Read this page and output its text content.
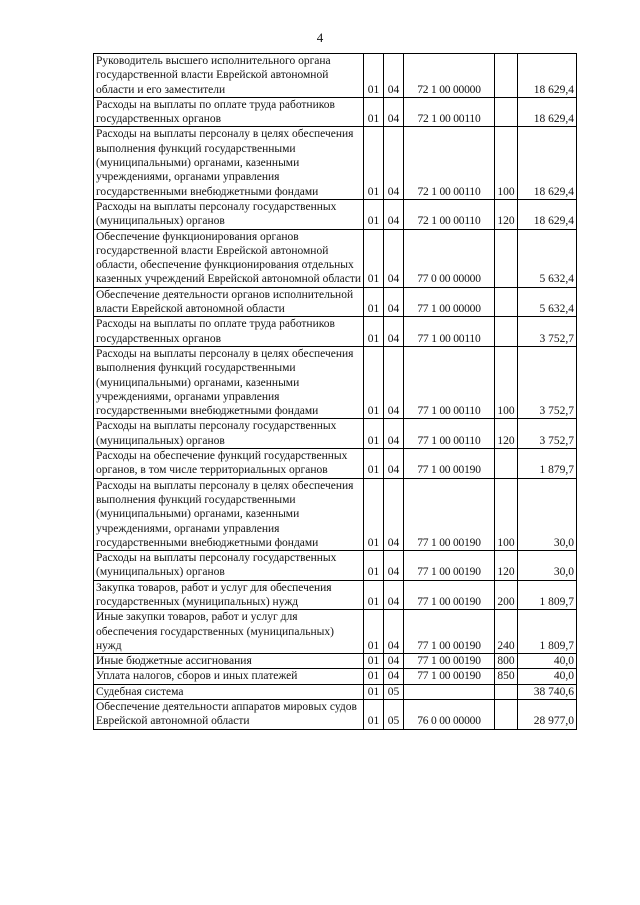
4
Руководитель высшего исполнительного органа государственной власти Еврейской автономной области и его заместители	01	04	72 1 00 00000		18 629,4
Расходы на выплаты по оплате труда работников государственных органов	01	04	72 1 00 00110		18 629,4
Расходы на выплаты персоналу в целях обеспечения выполнения функций государственными (муниципальными) органами, казенными учреждениями, органами управления государственными внебюджетными фондами	01	04	72 1 00 00110	100	18 629,4
Расходы на выплаты персоналу государственных (муниципальных) органов	01	04	72 1 00 00110	120	18 629,4
Обеспечение функционирования органов государственной власти Еврейской автономной области, обеспечение функционирования отдельных казенных учреждений Еврейской автономной области	01	04	77 0 00 00000		5 632,4
Обеспечение деятельности органов исполнительной власти Еврейской автономной области	01	04	77 1 00 00000		5 632,4
Расходы на выплаты по оплате труда работников государственных органов	01	04	77 1 00 00110		3 752,7
Расходы на выплаты персоналу в целях обеспечения выполнения функций государственными (муниципальными) органами, казенными учреждениями, органами управления государственными внебюджетными фондами	01	04	77 1 00 00110	100	3 752,7
Расходы на выплаты персоналу государственных (муниципальных) органов	01	04	77 1 00 00110	120	3 752,7
Расходы на обеспечение функций государственных органов, в том числе территориальных органов	01	04	77 1 00 00190		1 879,7
Расходы на выплаты персоналу в целях обеспечения выполнения функций государственными (муниципальными) органами, казенными учреждениями, органами управления государственными внебюджетными фондами	01	04	77 1 00 00190	100	30,0
Расходы на выплаты персоналу государственных (муниципальных) органов	01	04	77 1 00 00190	120	30,0
Закупка товаров, работ и услуг для обеспечения государственных (муниципальных) нужд	01	04	77 1 00 00190	200	1 809,7
Иные закупки товаров, работ и услуг для обеспечения государственных (муниципальных) нужд	01	04	77 1 00 00190	240	1 809,7
Иные бюджетные ассигнования	01	04	77 1 00 00190	800	40,0
Уплата налогов, сборов и иных платежей	01	04	77 1 00 00190	850	40,0
Судебная система	01	05			38 740,6
Обеспечение деятельности аппаратов мировых судов Еврейской автономной области	01	05	76 0 00 00000		28 977,0
